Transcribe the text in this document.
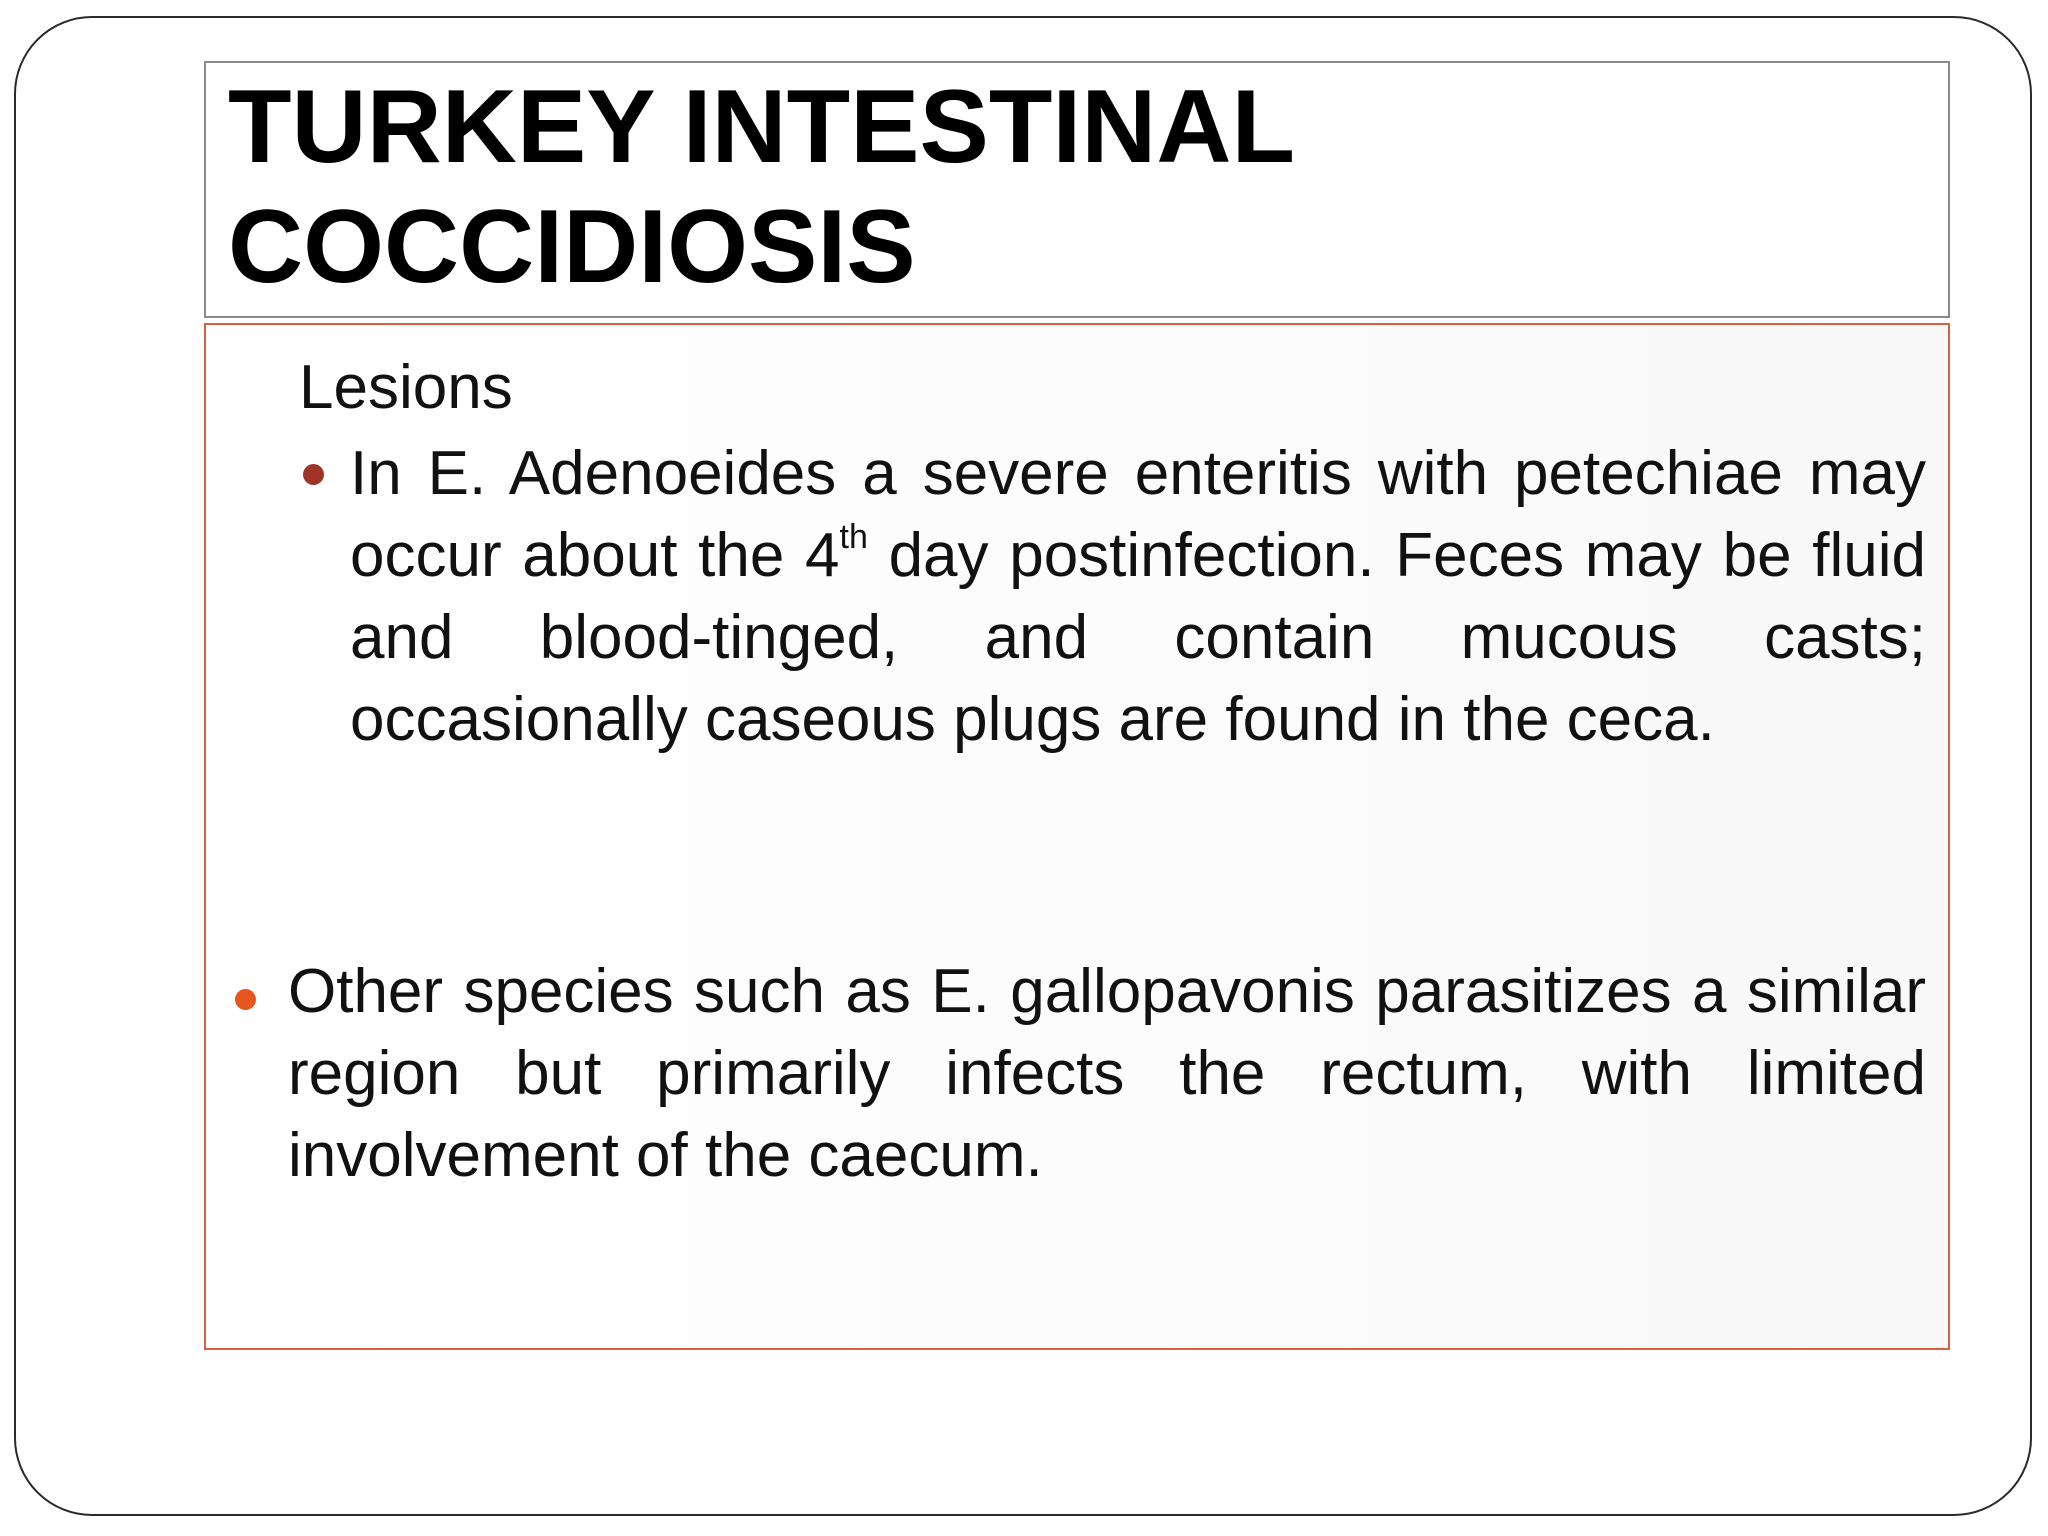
TURKEY INTESTINAL
COCCIDIOSIS

Lesions

In E. Adenoeides a severe enteritis with petechiae may occur about the 4th day postinfection. Feces may be fluid and blood-tinged, and contain mucous casts; occasionally caseous plugs are found in the ceca.

Other species such as E. gallopavonis parasitizes a similar region but primarily infects the rectum, with limited involvement of the caecum.
